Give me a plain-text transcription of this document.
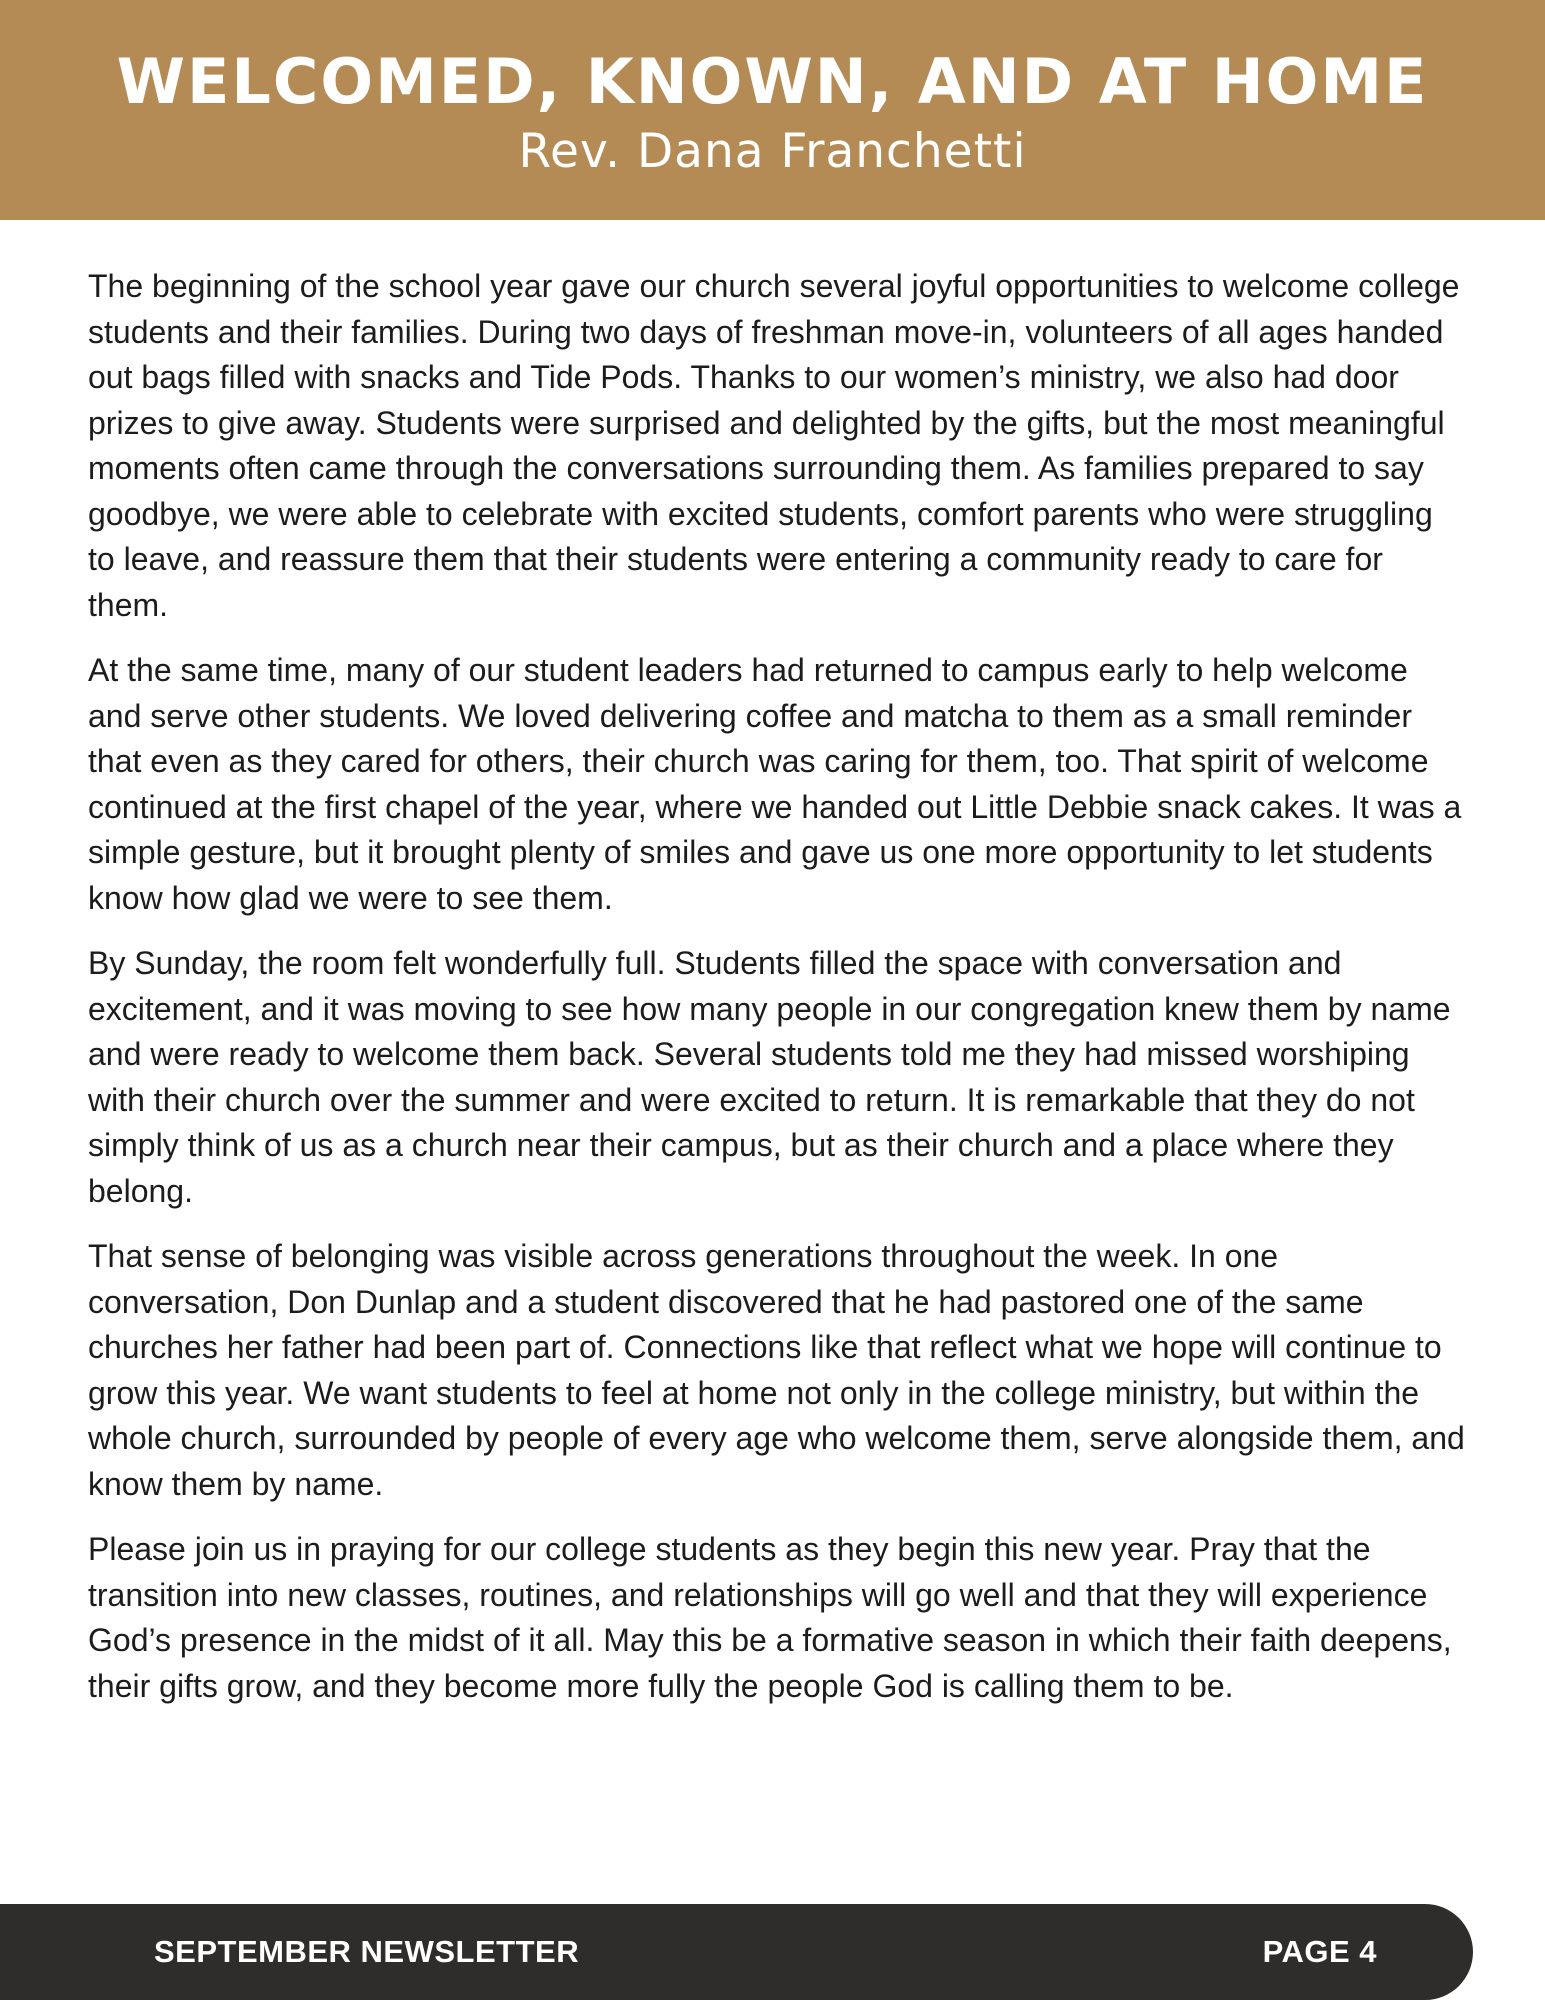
WELCOMED, KNOWN, AND AT HOME
Rev. Dana Franchetti

The beginning of the school year gave our church several joyful opportunities to welcome college students and their families. During two days of freshman move-in, volunteers of all ages handed out bags filled with snacks and Tide Pods. Thanks to our women’s ministry, we also had door prizes to give away. Students were surprised and delighted by the gifts, but the most meaningful moments often came through the conversations surrounding them. As families prepared to say goodbye, we were able to celebrate with excited students, comfort parents who were struggling to leave, and reassure them that their students were entering a community ready to care for them.

At the same time, many of our student leaders had returned to campus early to help welcome and serve other students. We loved delivering coffee and matcha to them as a small reminder that even as they cared for others, their church was caring for them, too. That spirit of welcome continued at the first chapel of the year, where we handed out Little Debbie snack cakes. It was a simple gesture, but it brought plenty of smiles and gave us one more opportunity to let students know how glad we were to see them.

By Sunday, the room felt wonderfully full. Students filled the space with conversation and excitement, and it was moving to see how many people in our congregation knew them by name and were ready to welcome them back. Several students told me they had missed worshiping with their church over the summer and were excited to return. It is remarkable that they do not simply think of us as a church near their campus, but as their church and a place where they belong.

That sense of belonging was visible across generations throughout the week. In one conversation, Don Dunlap and a student discovered that he had pastored one of the same churches her father had been part of. Connections like that reflect what we hope will continue to grow this year. We want students to feel at home not only in the college ministry, but within the whole church, surrounded by people of every age who welcome them, serve alongside them, and know them by name.

Please join us in praying for our college students as they begin this new year. Pray that the transition into new classes, routines, and relationships will go well and that they will experience God’s presence in the midst of it all. May this be a formative season in which their faith deepens, their gifts grow, and they become more fully the people God is calling them to be.

SEPTEMBER NEWSLETTER	PAGE 4
